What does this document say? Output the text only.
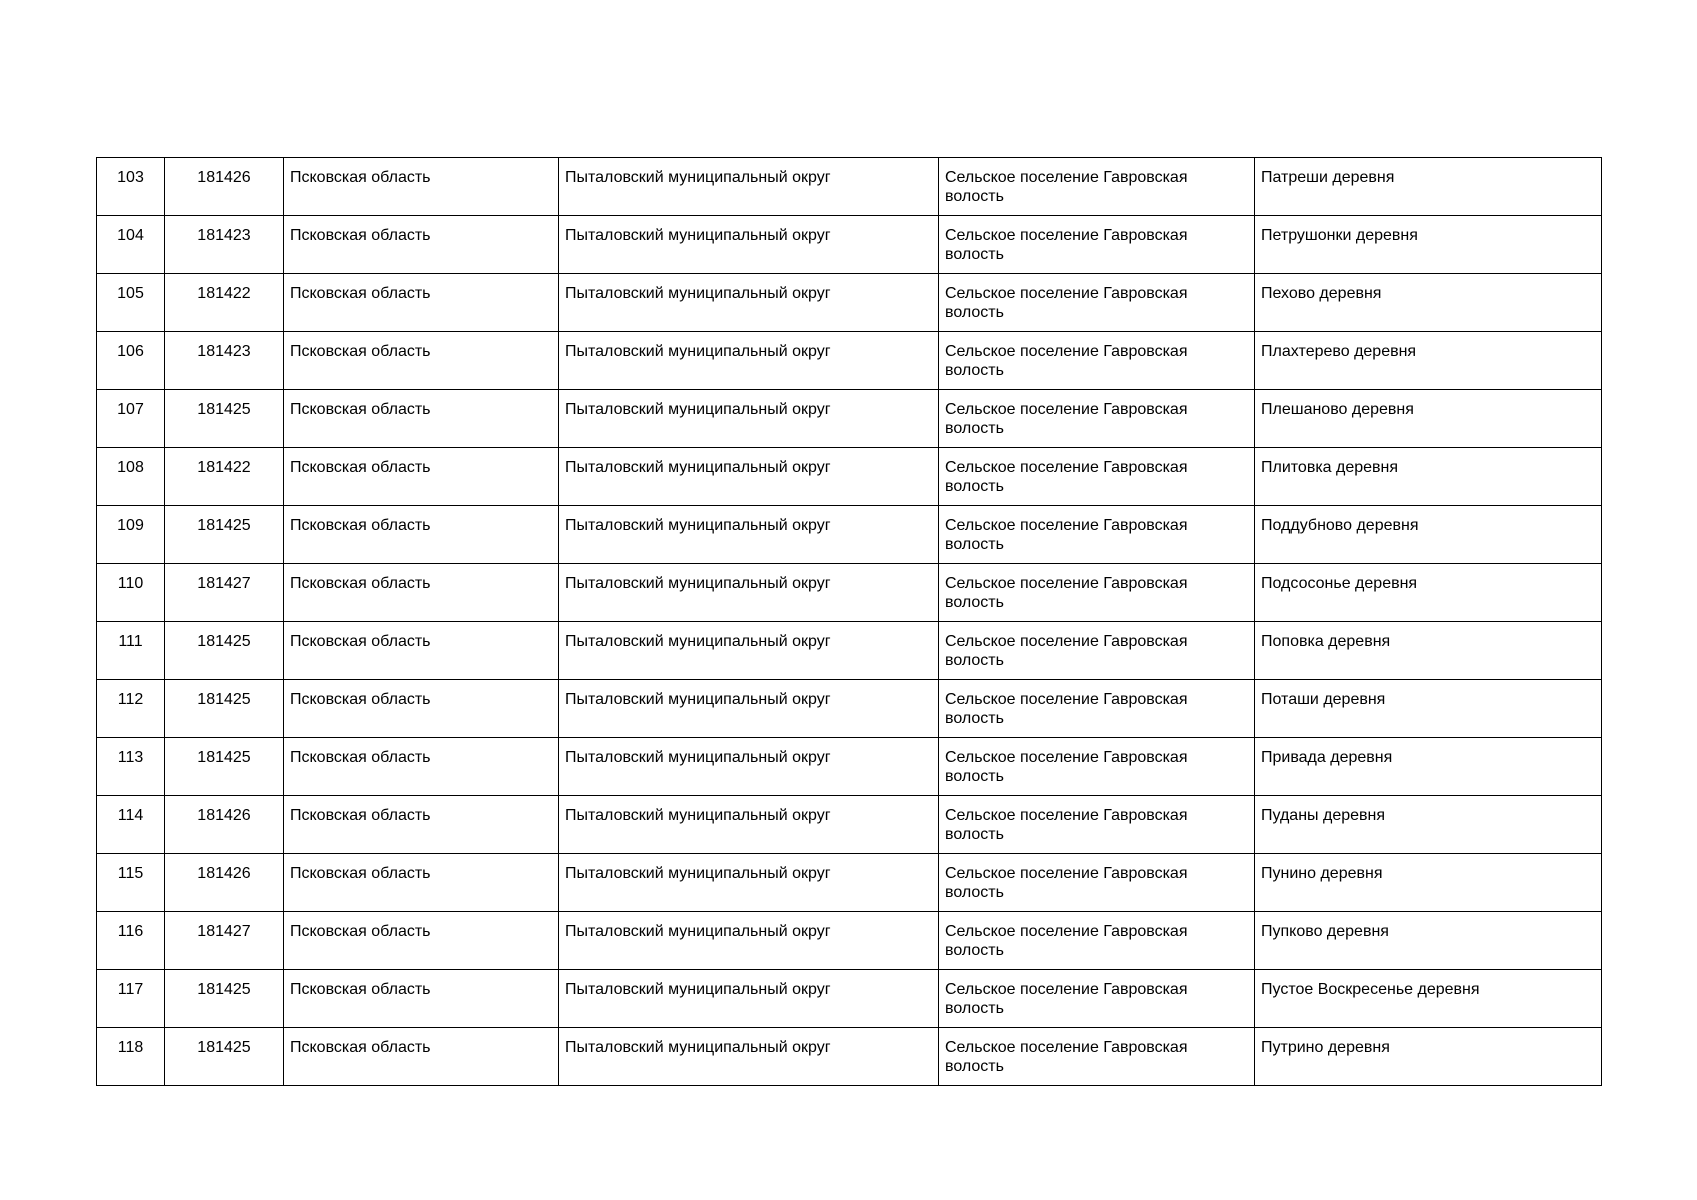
103	181426	Псковская область	Пыталовский муниципальный округ	Сельское поселение Гавровская волость	Патреши деревня
104	181423	Псковская область	Пыталовский муниципальный округ	Сельское поселение Гавровская волость	Петрушонки деревня
105	181422	Псковская область	Пыталовский муниципальный округ	Сельское поселение Гавровская волость	Пехово деревня
106	181423	Псковская область	Пыталовский муниципальный округ	Сельское поселение Гавровская волость	Плахтерево деревня
107	181425	Псковская область	Пыталовский муниципальный округ	Сельское поселение Гавровская волость	Плешаново деревня
108	181422	Псковская область	Пыталовский муниципальный округ	Сельское поселение Гавровская волость	Плитовка деревня
109	181425	Псковская область	Пыталовский муниципальный округ	Сельское поселение Гавровская волость	Поддубново деревня
110	181427	Псковская область	Пыталовский муниципальный округ	Сельское поселение Гавровская волость	Подсосонье деревня
111	181425	Псковская область	Пыталовский муниципальный округ	Сельское поселение Гавровская волость	Поповка деревня
112	181425	Псковская область	Пыталовский муниципальный округ	Сельское поселение Гавровская волость	Поташи деревня
113	181425	Псковская область	Пыталовский муниципальный округ	Сельское поселение Гавровская волость	Привада деревня
114	181426	Псковская область	Пыталовский муниципальный округ	Сельское поселение Гавровская волость	Пуданы деревня
115	181426	Псковская область	Пыталовский муниципальный округ	Сельское поселение Гавровская волость	Пунино деревня
116	181427	Псковская область	Пыталовский муниципальный округ	Сельское поселение Гавровская волость	Пупково деревня
117	181425	Псковская область	Пыталовский муниципальный округ	Сельское поселение Гавровская волость	Пустое Воскресенье деревня
118	181425	Псковская область	Пыталовский муниципальный округ	Сельское поселение Гавровская волость	Путрино деревня
